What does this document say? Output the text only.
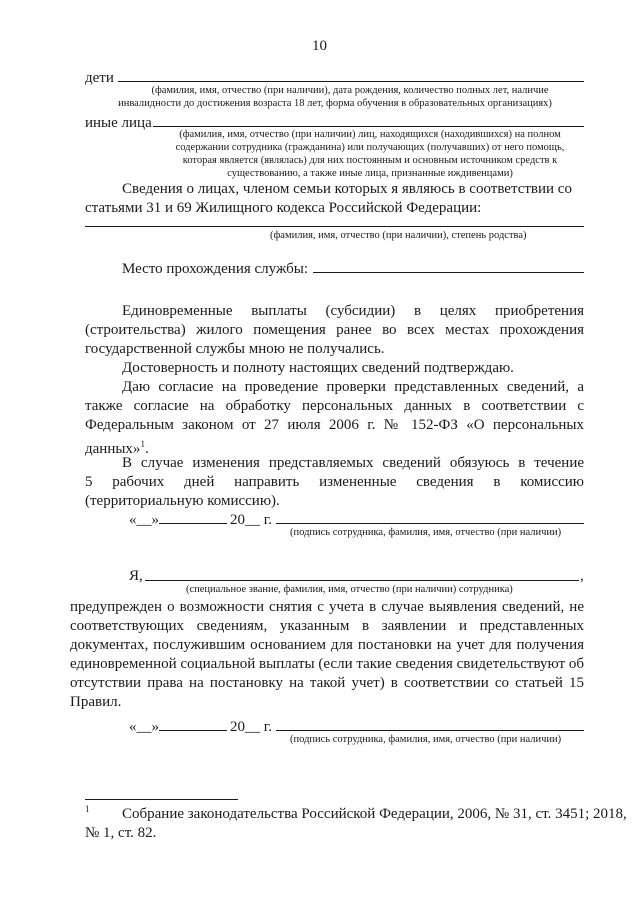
10
дети
(фамилия, имя, отчество (при наличии), дата рождения, количество полных лет, наличие
инвалидности до достижения возраста 18 лет, форма обучения в образовательных организациях)
иные лица
(фамилия, имя, отчество (при наличии) лиц, находящихся (находившихся) на полном
содержании сотрудника (гражданина) или получающих (получавших) от него помощь,
которая является (являлась) для них постоянным и основным источником средств к
существованию, а также иные лица, признанные иждивенцами)
Сведения о лицах, членом семьи которых я являюсь в соответствии со
статьями 31 и 69 Жилищного кодекса Российской Федерации:
(фамилия, имя, отчество (при наличии), степень родства)
Место прохождения службы:
Единовременные выплаты (субсидии) в целях приобретения
(строительства) жилого помещения ранее во всех местах прохождения
государственной службы мною не получались.
Достоверность и полноту настоящих сведений подтверждаю.
Даю согласие на проведение проверки представленных сведений, а
также согласие на обработку персональных данных в соответствии с
Федеральным законом от 27 июля 2006 г. № 152-ФЗ «О персональных
данных»$^1$.
В случае изменения представляемых сведений обязуюсь в течение
5 рабочих дней направить измененные сведения в комиссию
(территориальную комиссию).
«__»	20__ г.
(подпись сотрудника, фамилия, имя, отчество (при наличии)
Я,	,
(специальное звание, фамилия, имя, отчество (при наличии) сотрудника)
предупрежден о возможности снятия с учета в случае выявления сведений, не
соответствующих сведениям, указанным в заявлении и представленных
документах, послужившим основанием для постановки на учет для получения
единовременной социальной выплаты (если такие сведения свидетельствуют об
отсутствии права на постановку на такой учет) в соответствии со статьей 15
Правил.
«__»	20__ г.
(подпись сотрудника, фамилия, имя, отчество (при наличии)
1 Собрание законодательства Российской Федерации, 2006, № 31, ст. 3451; 2018,
№ 1, ст. 82.
